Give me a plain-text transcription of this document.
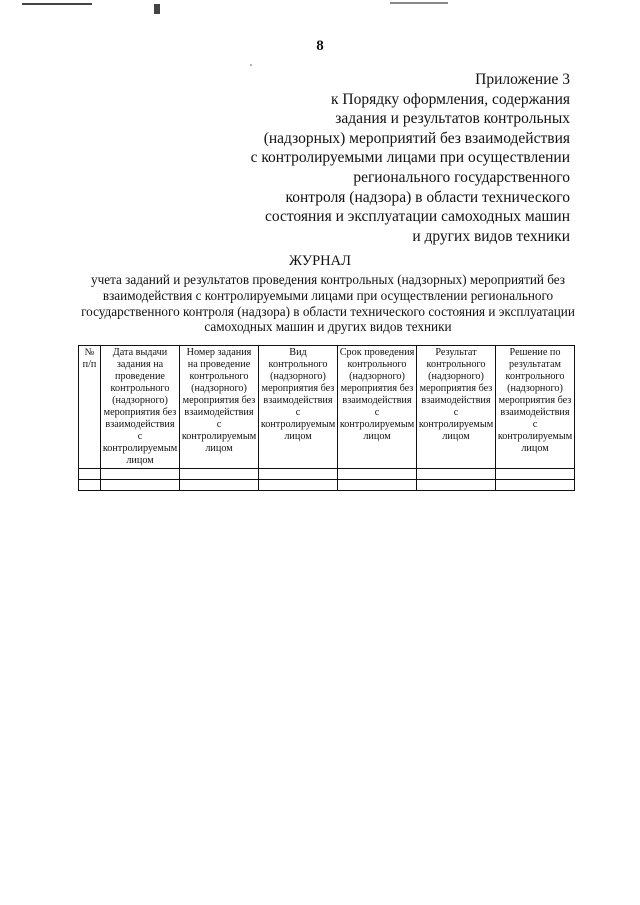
8
Приложение 3
к Порядку оформления, содержания
задания и результатов контрольных
(надзорных) мероприятий без взаимодействия
с контролируемыми лицами при осуществлении
регионального государственного
контроля (надзора) в области технического
состояния и эксплуатации самоходных машин
и других видов техники
ЖУРНАЛ
учета заданий и результатов проведения контрольных (надзорных) мероприятий без
взаимодействия с контролируемыми лицами при осуществлении регионального
государственного контроля (надзора) в области технического состояния и эксплуатации
самоходных машин и других видов техники
№ п/п	Дата выдачи задания на проведение контрольного (надзорного) мероприятия без взаимодействия с контролируемым лицом	Номер задания на проведение контрольного (надзорного) мероприятия без взаимодействия с контролируемым лицом	Вид контрольного (надзорного) мероприятия без взаимодействия с контролируемым лицом	Срок проведения контрольного (надзорного) мероприятия без взаимодействия с контролируемым лицом	Результат контрольного (надзорного) мероприятия без взаимодействия с контролируемым лицом	Решение по результатам контрольного (надзорного) мероприятия без взаимодействия с контролируемым лицом
